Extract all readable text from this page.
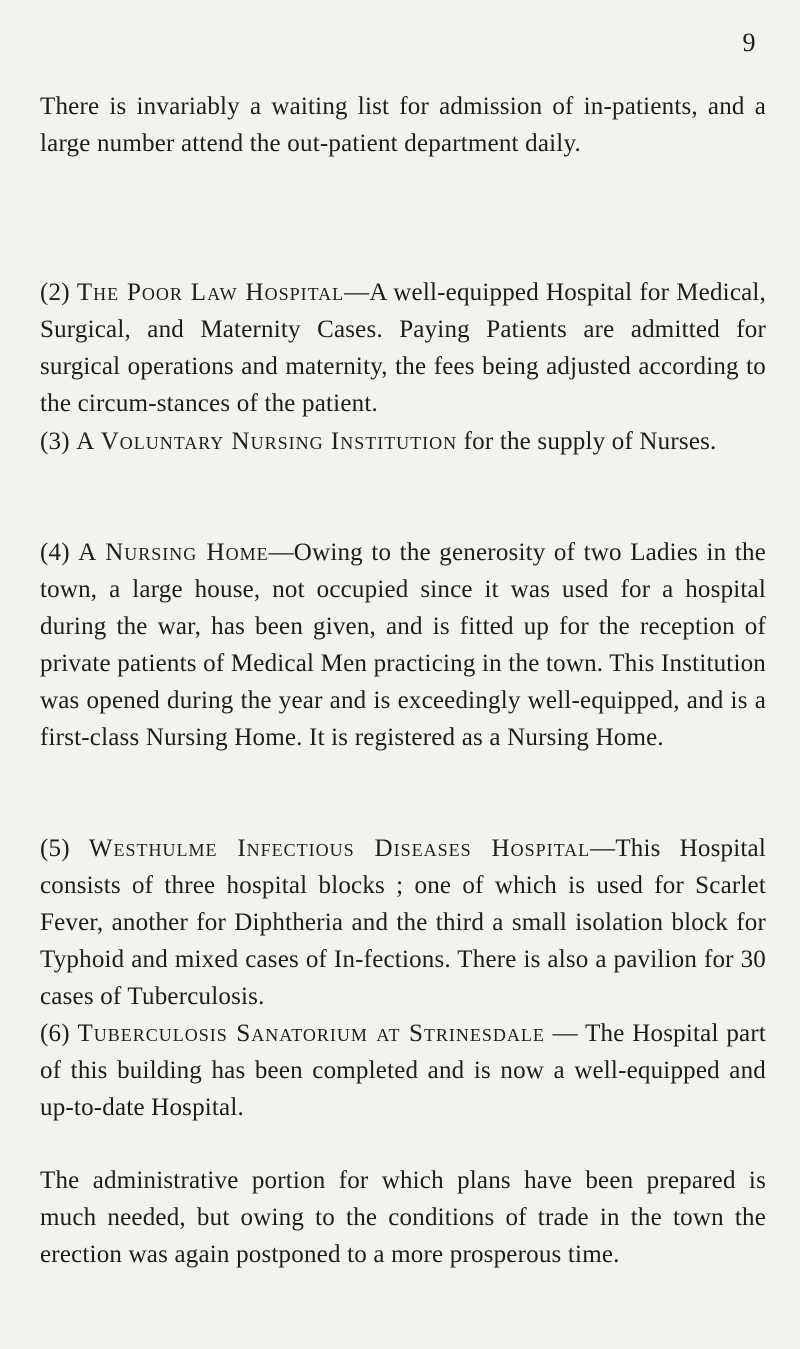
9

There is invariably a waiting list for admission of in-patients, and a large number attend the out-patient department daily.

(2) The Poor Law Hospital—A well-equipped Hospital for Medical, Surgical, and Maternity Cases. Paying Patients are admitted for surgical operations and maternity, the fees being adjusted according to the circum-stances of the patient.

(3) A Voluntary Nursing Institution for the supply of Nurses.

(4) A Nursing Home—Owing to the generosity of two Ladies in the town, a large house, not occupied since it was used for a hospital during the war, has been given, and is fitted up for the reception of private patients of Medical Men practicing in the town. This Institution was opened during the year and is exceedingly well-equipped, and is a first-class Nursing Home. It is registered as a Nursing Home.

(5) Westhulme Infectious Diseases Hospital—This Hospital consists of three hospital blocks ; one of which is used for Scarlet Fever, another for Diphtheria and the third a small isolation block for Typhoid and mixed cases of In-fections. There is also a pavilion for 30 cases of Tuberculosis.

(6) Tuberculosis Sanatorium at Strinesdale — The Hospital part of this building has been completed and is now a well-equipped and up-to-date Hospital.

The administrative portion for which plans have been prepared is much needed, but owing to the conditions of trade in the town the erection was again postponed to a more prosperous time.
